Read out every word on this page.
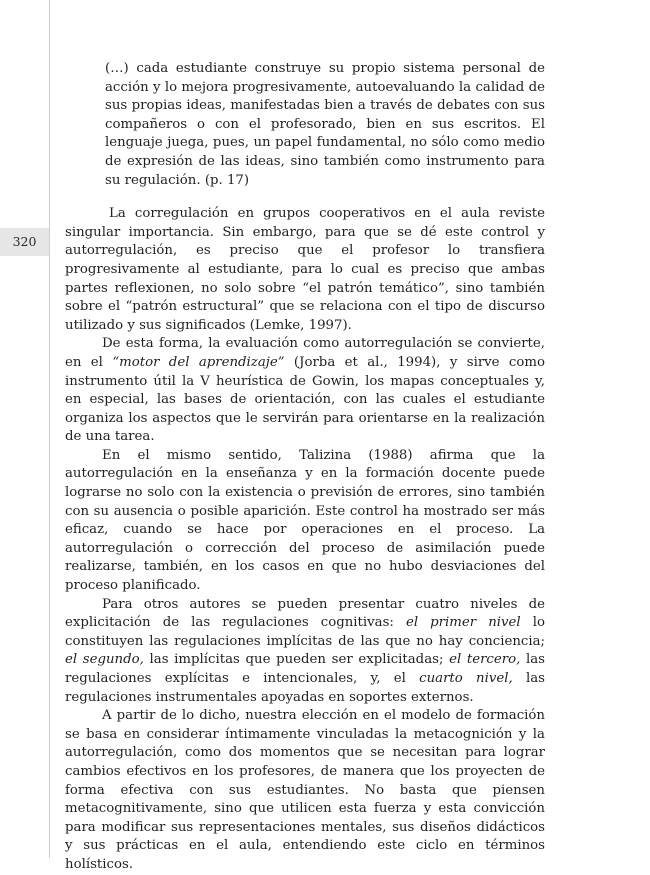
320

(…) cada estudiante construye su propio sistema personal de acción y lo mejora progresivamente, autoevaluando la calidad de sus propias ideas, manifestadas bien a través de debates con sus compañeros o con el profesorado, bien en sus escritos. El lenguaje juega, pues, un papel fundamental, no sólo como medio de expresión de las ideas, sino también como instrumento para su regulación. (p. 17)

La corregulación en grupos cooperativos en el aula reviste singular importancia. Sin embargo, para que se dé este control y autorregulación, es preciso que el profesor lo transfiera progresivamente al estudiante, para lo cual es preciso que ambas partes reflexionen, no solo sobre “el patrón temático”, sino también sobre el “patrón estructural” que se relaciona con el tipo de discurso utilizado y sus significados (Lemke, 1997).

De esta forma, la evaluación como autorregulación se convierte, en el “motor del aprendizaje” (Jorba et al., 1994), y sirve como instrumento útil la V heurística de Gowin, los mapas conceptuales y, en especial, las bases de orientación, con las cuales el estudiante organiza los aspectos que le servirán para orientarse en la realización de una tarea.

En el mismo sentido, Talizina (1988) afirma que la autorregulación en la enseñanza y en la formación docente puede lograrse no solo con la existencia o previsión de errores, sino también con su ausencia o posible aparición. Este control ha mostrado ser más eficaz, cuando se hace por operaciones en el proceso. La autorregulación o corrección del proceso de asimilación puede realizarse, también, en los casos en que no hubo desviaciones del proceso planificado.

Para otros autores se pueden presentar cuatro niveles de explicitación de las regulaciones cognitivas: el primer nivel lo constituyen las regulaciones implícitas de las que no hay conciencia; el segundo, las implícitas que pueden ser explicitadas; el tercero, las regulaciones explícitas e intencionales, y, el cuarto nivel, las regulaciones instrumentales apoyadas en soportes externos.

A partir de lo dicho, nuestra elección en el modelo de formación se basa en considerar íntimamente vinculadas la metacognición y la autorregulación, como dos momentos que se necesitan para lograr cambios efectivos en los profesores, de manera que los proyecten de forma efectiva con sus estudiantes. No basta que piensen metacognitivamente, sino que utilicen esta fuerza y esta convicción para modificar sus representaciones mentales, sus diseños didácticos y sus prácticas en el aula, entendiendo este ciclo en términos holísticos.
